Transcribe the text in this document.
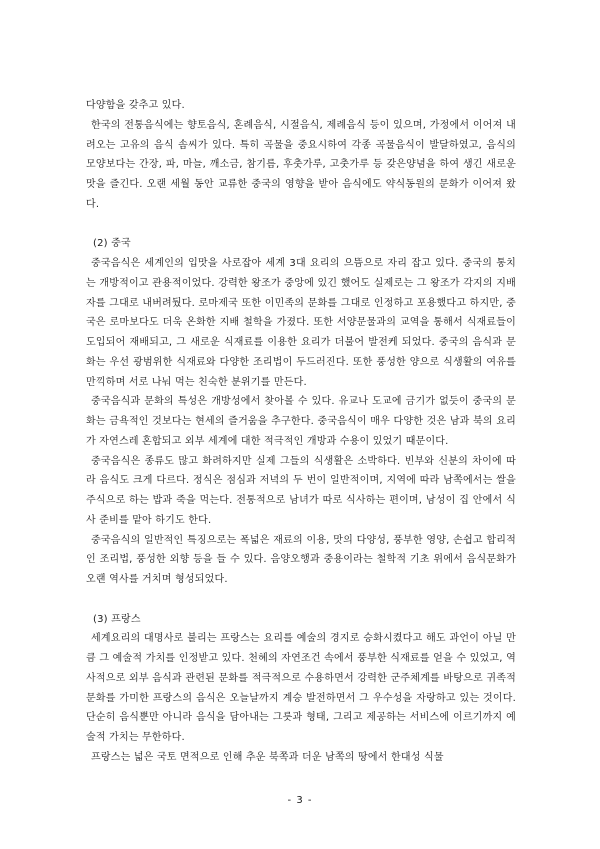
다양함을 갖추고 있다.

한국의 전통음식에는 향토음식, 혼례음식, 시절음식, 제례음식 등이 있으며, 가정에서 이어져 내려오는 고유의 음식 솜씨가 있다. 특히 곡물을 중요시하여 각종 곡물음식이 발달하였고, 음식의 모양보다는 간장, 파, 마늘, 깨소금, 참기름, 후춧가루, 고춧가루 등 갖은양념을 하여 생긴 새로운 맛을 즐긴다. 오랜 세월 동안 교류한 중국의 영향을 받아 음식에도 약식동원의 문화가 이어져 왔다.

(2) 중국

중국음식은 세계인의 입맛을 사로잡아 세계 3대 요리의 으뜸으로 자리 잡고 있다. 중국의 통치는 개방적이고 관용적이었다. 강력한 왕조가 중앙에 있긴 했어도 실제로는 그 왕조가 각지의 지배자를 그대로 내버려뒀다. 로마제국 또한 이민족의 문화를 그대로 인정하고 포용했다고 하지만, 중국은 로마보다도 더욱 온화한 지배 철학을 가졌다. 또한 서양문물과의 교역을 통해서 식재료들이 도입되어 재배되고, 그 새로운 식재료를 이용한 요리가 더불어 발전케 되었다. 중국의 음식과 문화는 우선 광범위한 식재료와 다양한 조리법이 두드러진다. 또한 풍성한 양으로 식생활의 여유를 만끽하며 서로 나눠 먹는 친숙한 분위기를 만든다.

중국음식과 문화의 특성은 개방성에서 찾아볼 수 있다. 유교나 도교에 금기가 없듯이 중국의 문화는 금욕적인 것보다는 현세의 즐거움을 추구한다. 중국음식이 매우 다양한 것은 남과 북의 요리가 자연스레 혼합되고 외부 세계에 대한 적극적인 개방과 수용이 있었기 때문이다.

중국음식은 종류도 많고 화려하지만 실제 그들의 식생활은 소박하다. 빈부와 신분의 차이에 따라 음식도 크게 다르다. 정식은 점심과 저녁의 두 번이 일반적이며, 지역에 따라 남쪽에서는 쌀을 주식으로 하는 밥과 죽을 먹는다. 전통적으로 남녀가 따로 식사하는 편이며, 남성이 집 안에서 식사 준비를 맡아 하기도 한다.

중국음식의 일반적인 특징으로는 폭넓은 재료의 이용, 맛의 다양성, 풍부한 영양, 손쉽고 합리적인 조리법, 풍성한 외향 등을 들 수 있다. 음양오행과 중용이라는 철학적 기초 위에서 음식문화가 오랜 역사를 거치며 형성되었다.

(3) 프랑스

세계요리의 대명사로 불리는 프랑스는 요리를 예술의 경지로 승화시켰다고 해도 과언이 아닐 만큼 그 예술적 가치를 인정받고 있다. 천혜의 자연조건 속에서 풍부한 식재료를 얻을 수 있었고, 역사적으로 외부 음식과 관련된 문화를 적극적으로 수용하면서 강력한 군주체계를 바탕으로 귀족적 문화를 가미한 프랑스의 음식은 오늘날까지 계승 발전하면서 그 우수성을 자랑하고 있는 것이다. 단순히 음식뿐만 아니라 음식을 담아내는 그릇과 형태, 그리고 제공하는 서비스에 이르기까지 예술적 가치는 무한하다.

프랑스는 넓은 국토 면적으로 인해 추운 북쪽과 더운 남쪽의 땅에서 한대성 식물

- 3 -
